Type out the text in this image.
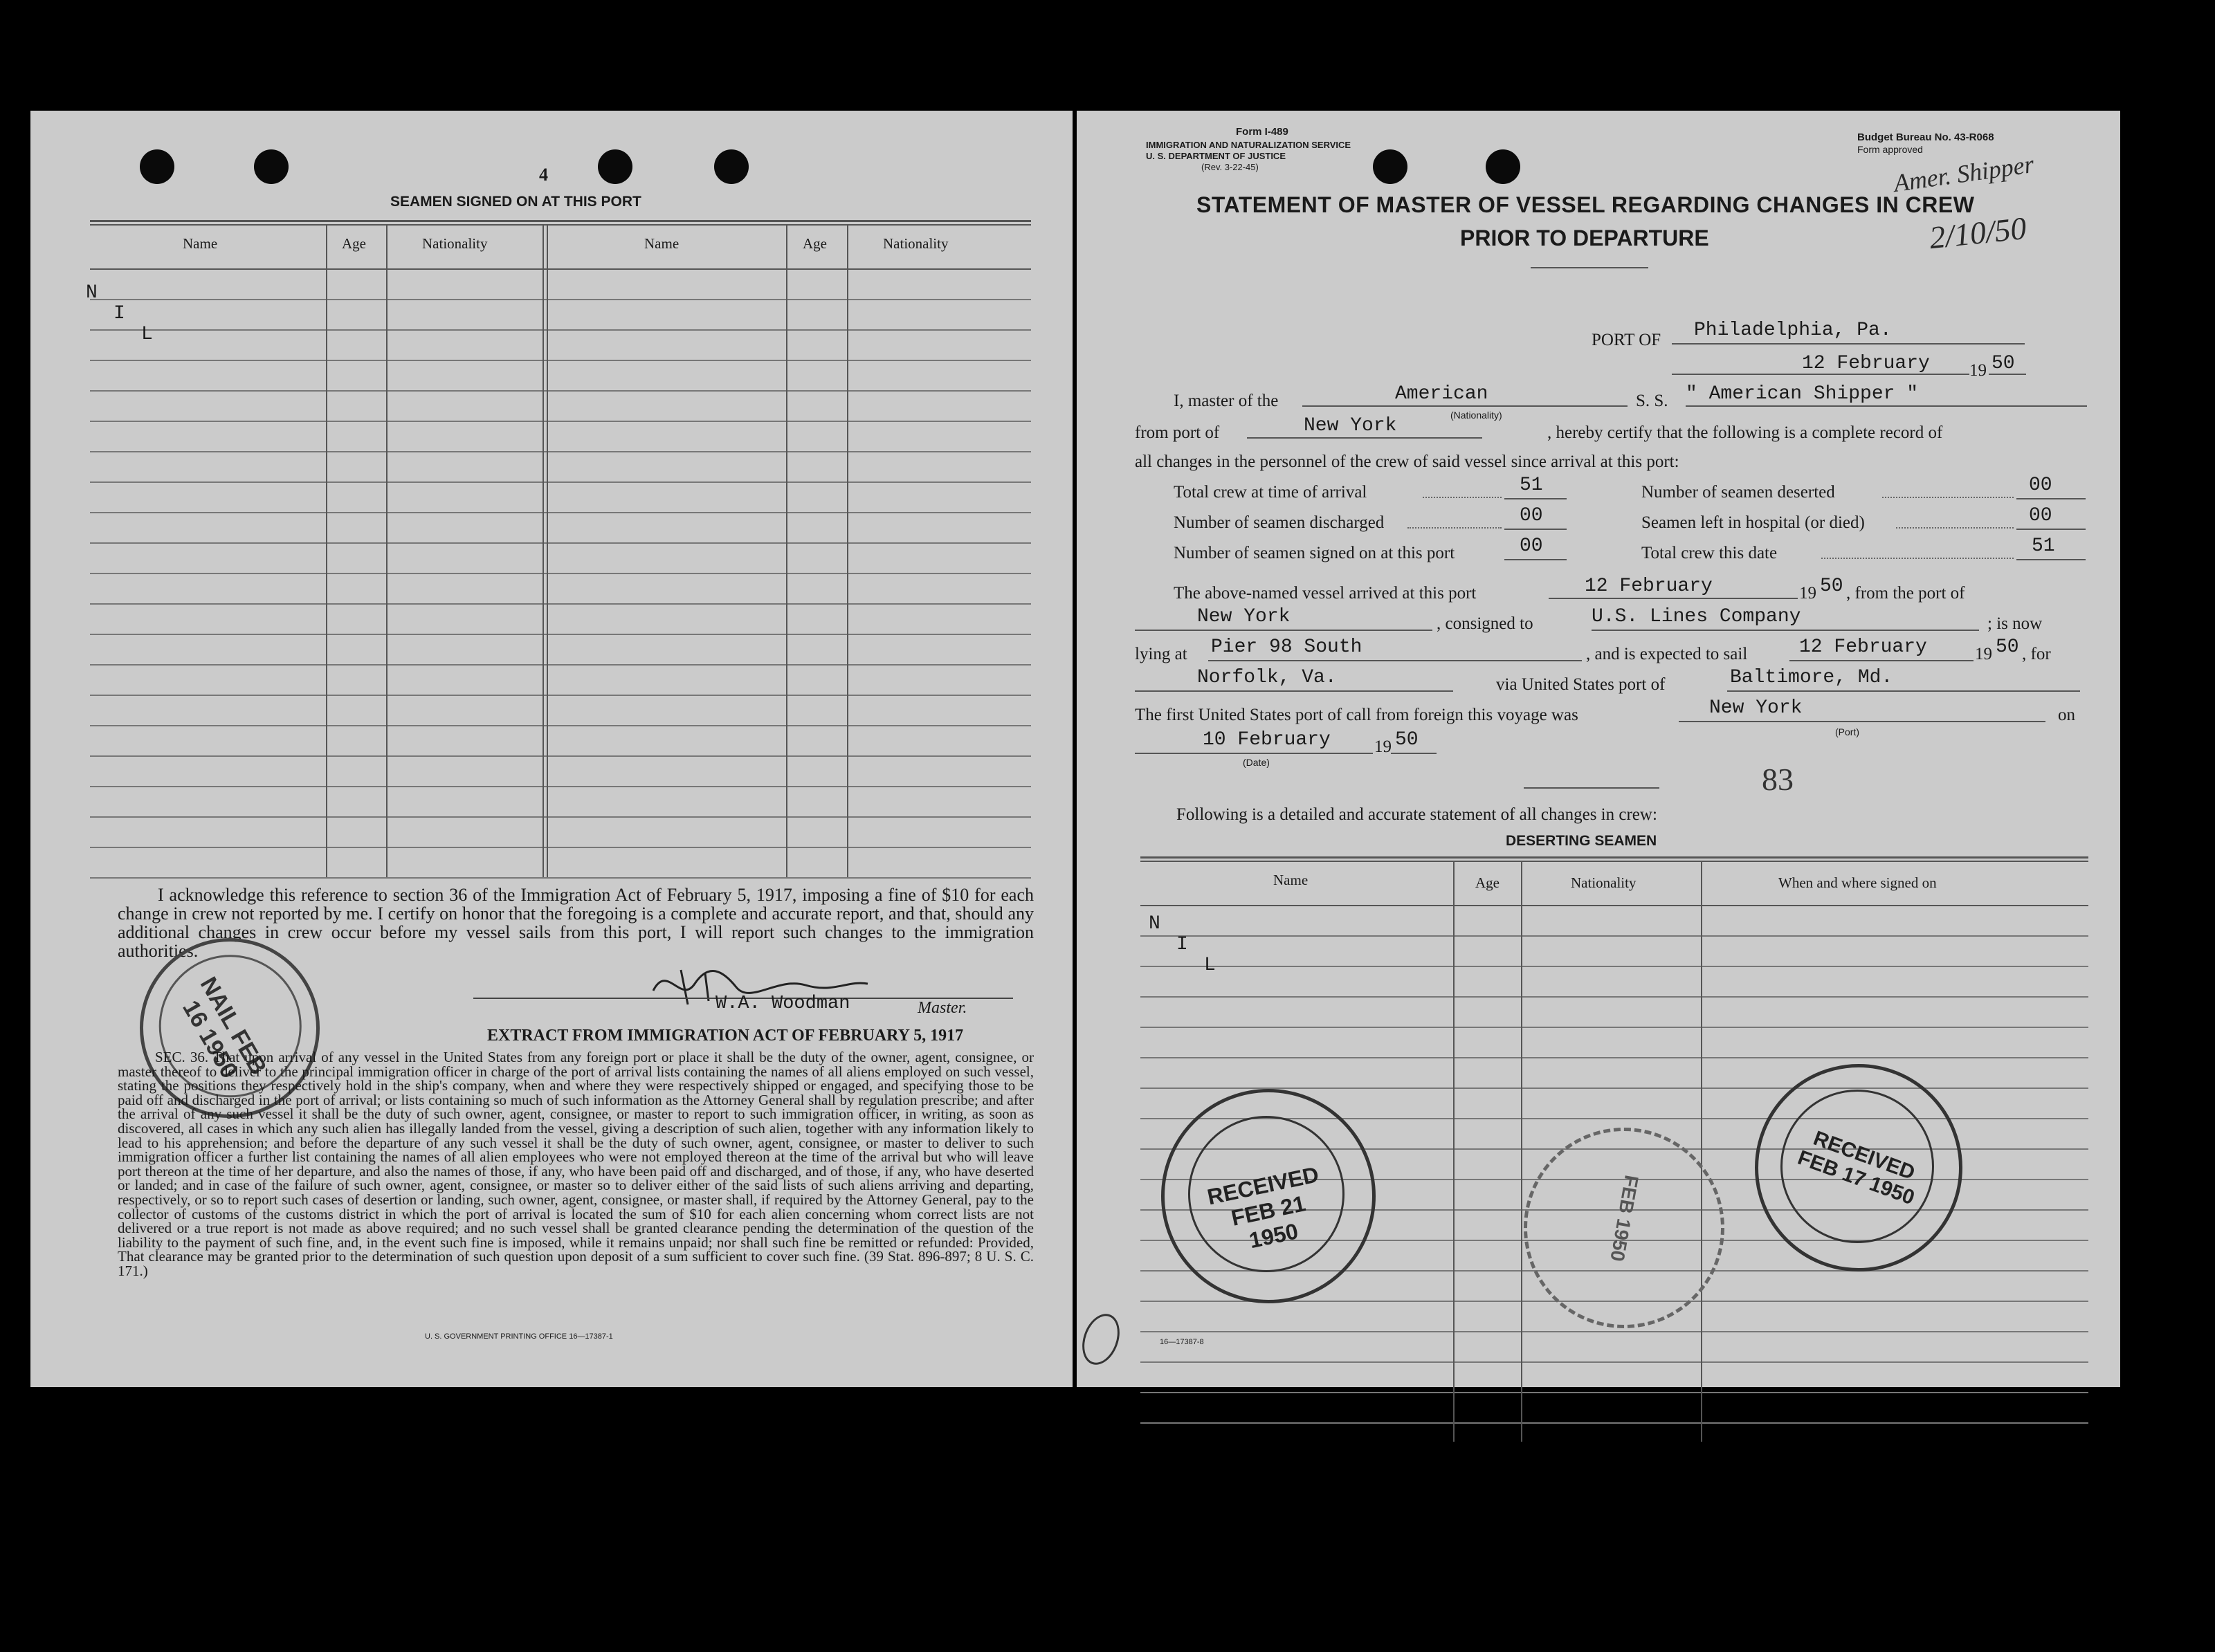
4
SEAMEN SIGNED ON AT THIS PORT
Name	Age	Nationality	Name	Age	Nationality
N
I
L
I acknowledge this reference to section 36 of the Immigration Act of February 5, 1917, imposing a fine of $10 for each change in crew not reported by me. I certify on honor that the foregoing is a complete and accurate report, and that, should any additional changes in crew occur before my vessel sails from this port, I will report such changes to the immigration authorities.
W.A. Woodman	Master.
NAIL FEB 16 1950	EXTRACT FROM IMMIGRATION ACT OF FEBRUARY 5, 1917
SEC. 36. That upon arrival of any vessel in the United States from any foreign port or place it shall be the duty of the owner, agent, consignee, or master thereof to deliver to the principal immigration officer in charge of the port of arrival lists containing the names of all aliens employed on such vessel, stating the positions they respectively hold in the ship's company, when and where they were respectively shipped or engaged, and specifying those to be paid off and discharged in the port of arrival; or lists containing so much of such information as the Attorney General shall by regulation prescribe; and after the arrival of any such vessel it shall be the duty of such owner, agent, consignee, or master to report to such immigration officer, in writing, as soon as discovered, all cases in which any such alien has illegally landed from the vessel, giving a description of such alien, together with any information likely to lead to his apprehension; and before the departure of any such vessel it shall be the duty of such owner, agent, consignee, or master to deliver to such immigration officer a further list containing the names of all alien employees who were not employed thereon at the time of the arrival but who will leave port thereon at the time of her departure, and also the names of those, if any, who have been paid off and discharged, and of those, if any, who have deserted or landed; and in case of the failure of such owner, agent, consignee, or master so to deliver either of the said lists of such aliens arriving and departing, respectively, or so to report such cases of desertion or landing, such owner, agent, consignee, or master shall, if required by the Attorney General, pay to the collector of customs of the customs district in which the port of arrival is located the sum of $10 for each alien concerning whom correct lists are not delivered or a true report is not made as above required; and no such vessel shall be granted clearance pending the determination of the question of the liability to the payment of such fine, and, in the event such fine is imposed, while it remains unpaid; nor shall such fine be remitted or refunded: Provided, That clearance may be granted prior to the determination of such question upon deposit of a sum sufficient to cover such fine. (39 Stat. 896-897; 8 U. S. C. 171.)
U. S. GOVERNMENT PRINTING OFFICE 16—17387-1
Form I-489
IMMIGRATION AND NATURALIZATION SERVICE
U. S. DEPARTMENT OF JUSTICE
(Rev. 3-22-45)
Budget Bureau No. 43-R068
Form approved
Amer. Shipper
2/10/50
STATEMENT OF MASTER OF VESSEL REGARDING CHANGES IN CREW
PRIOR TO DEPARTURE
PORT OF Philadelphia, Pa.
12 February 19 50
I, master of the	American
(Nationality)
S. S. " American Shipper "
from port of	New York	, hereby certify that the following is a complete record of
all changes in the personnel of the crew of said vessel since arrival at this port:
Total crew at time of arrival	51
Number of seamen discharged	00
Number of seamen signed on at this port	00
Number of seamen deserted	00
Seamen left in hospital (or died)	00
Total crew this date	51
The above-named vessel arrived at this port	12 February	19 50 , from the port of
New York	, consigned to	U.S. Lines Company	; is now
lying at Pier 98 South	, and is expected to sail	12 February	19 50 , for
Norfolk, Va.	via United States port of	Baltimore, Md.
The first United States port of call from foreign this voyage was	New York
(Port)
on
10 February
(Date)
19 50
83
Following is a detailed and accurate statement of all changes in crew:
DESERTING SEAMEN
Name	Age	Nationality	When and where signed on
N
I
L
RECEIVED FEB 21 1950	FEB 1950
RECEIVED FEB 17 1950
16—17387-8
